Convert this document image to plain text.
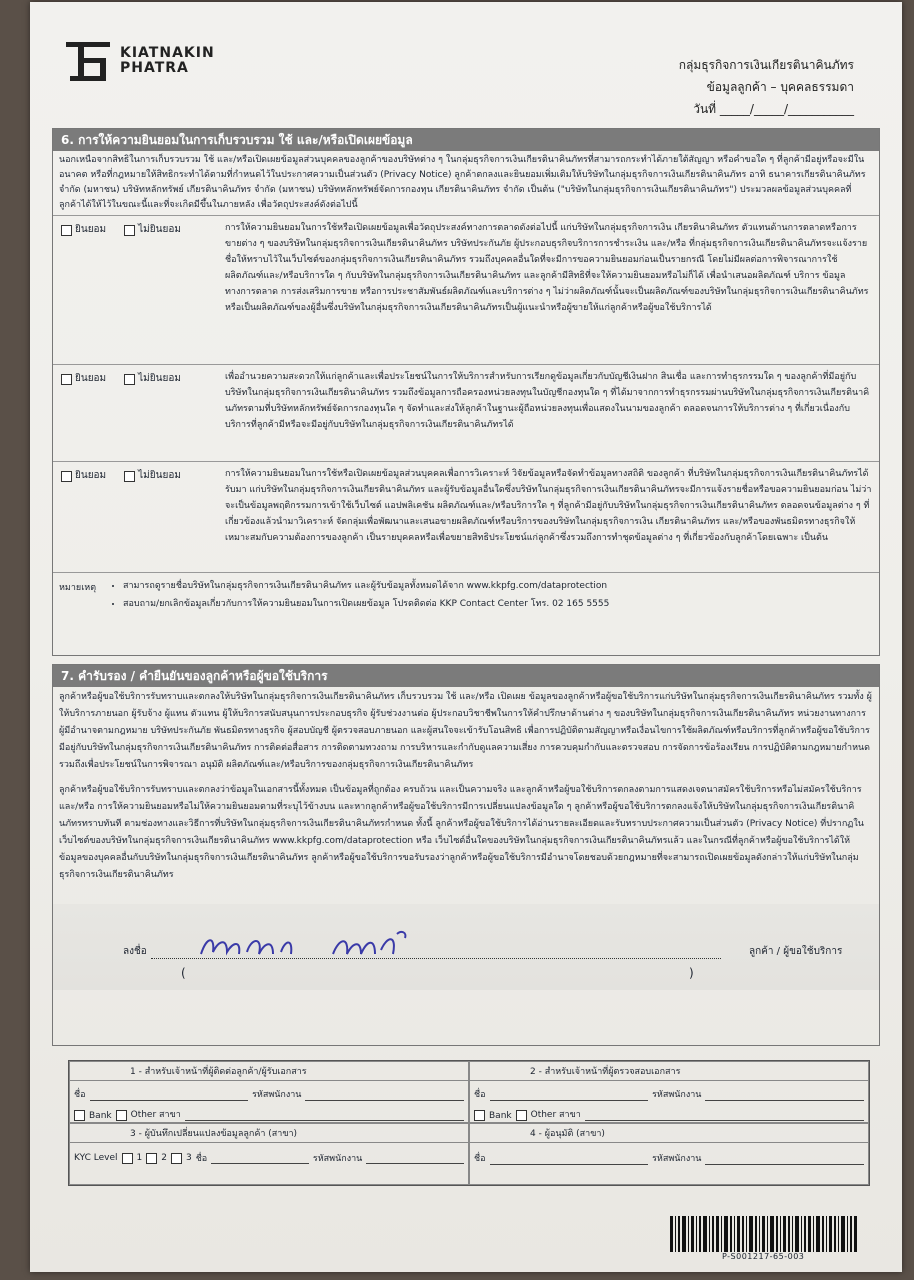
KIATNAKIN
PHATRA	กลุ่มธุรกิจการเงินเกียรตินาคินภัทร
ข้อมูลลูกค้า – บุคคลธรรมดา
วันที่ _____/_____/___________
6. การให้ความยินยอมในการเก็บรวบรวม ใช้ และ/หรือเปิดเผยข้อมูล
นอกเหนือจากสิทธิในการเก็บรวบรวม ใช้ และ/หรือเปิดเผยข้อมูลส่วนบุคคลของลูกค้าของบริษัทต่าง ๆ ในกลุ่มธุรกิจการเงินเกียรตินาคินภัทรที่สามารถกระทำได้ภายใต้สัญญา หรือคำขอใด ๆ ที่ลูกค้ามีอยู่หรือจะมีในอนาคต หรือที่กฎหมายให้สิทธิกระทำได้ตามที่กำหนดไว้ในประกาศความเป็นส่วนตัว (Privacy Notice) ลูกค้าตกลงและยินยอมเพิ่มเติมให้บริษัทในกลุ่มธุรกิจการเงินเกียรตินาคินภัทร อาทิ ธนาคารเกียรตินาคินภัทร จำกัด (มหาชน) บริษัทหลักทรัพย์ เกียรตินาคินภัทร จำกัด (มหาชน) บริษัทหลักทรัพย์จัดการกองทุน เกียรตินาคินภัทร จำกัด เป็นต้น ("บริษัทในกลุ่มธุรกิจการเงินเกียรตินาคินภัทร") ประมวลผลข้อมูลส่วนบุคคลที่ลูกค้าได้ให้ไว้ในขณะนี้และที่จะเกิดมีขึ้นในภายหลัง เพื่อวัตถุประสงค์ดังต่อไปนี้
ยินยอม	ไม่ยินยอม	การให้ความยินยอมในการใช้หรือเปิดเผยข้อมูลเพื่อวัตถุประสงค์ทางการตลาดดังต่อไปนี้ แก่บริษัทในกลุ่มธุรกิจการเงิน เกียรตินาคินภัทร ตัวแทนด้านการตลาดหรือการขายต่าง ๆ ของบริษัทในกลุ่มธุรกิจการเงินเกียรตินาคินภัทร บริษัทประกันภัย ผู้ประกอบธุรกิจบริการการชำระเงิน และ/หรือ ที่กลุ่มธุรกิจการเงินเกียรตินาคินภัทรจะแจ้งรายชื่อให้ทราบไว้ในเว็บไซต์ของกลุ่มธุรกิจการเงินเกียรตินาคินภัทร รวมถึงบุคคลอื่นใดที่จะมีการขอความยินยอมก่อนเป็นรายกรณี โดยไม่มีผลต่อการพิจารณาการใช้ผลิตภัณฑ์และ/หรือบริการใด ๆ กับบริษัทในกลุ่มธุรกิจการเงินเกียรตินาคินภัทร และลูกค้ามีสิทธิที่จะให้ความยินยอมหรือไม่ก็ได้ เพื่อนำเสนอผลิตภัณฑ์ บริการ ข้อมูลทางการตลาด การส่งเสริมการขาย หรือการประชาสัมพันธ์ผลิตภัณฑ์และบริการต่าง ๆ ไม่ว่าผลิตภัณฑ์นั้นจะเป็นผลิตภัณฑ์ของบริษัทในกลุ่มธุรกิจการเงินเกียรตินาคินภัทร หรือเป็นผลิตภัณฑ์ของผู้อื่นซึ่งบริษัทในกลุ่มธุรกิจการเงินเกียรตินาคินภัทรเป็นผู้แนะนำหรือผู้ขายให้แก่ลูกค้าหรือผู้ขอใช้บริการได้
ยินยอม	ไม่ยินยอม	เพื่ออำนวยความสะดวกให้แก่ลูกค้าและเพื่อประโยชน์ในการให้บริการสำหรับการเรียกดูข้อมูลเกี่ยวกับบัญชีเงินฝาก สินเชื่อ และการทำธุรกรรมใด ๆ ของลูกค้าที่มีอยู่กับบริษัทในกลุ่มธุรกิจการเงินเกียรตินาคินภัทร รวมถึงข้อมูลการถือครองหน่วยลงทุนในบัญชีกองทุนใด ๆ ที่ได้มาจากการทำธุรกรรมผ่านบริษัทในกลุ่มธุรกิจการเงินเกียรตินาคินภัทรตามที่บริษัทหลักทรัพย์จัดการกองทุนใด ๆ จัดทำและส่งให้ลูกค้าในฐานะผู้ถือหน่วยลงทุนเพื่อแสดงในนามของลูกค้า ตลอดจนการให้บริการต่าง ๆ ที่เกี่ยวเนื่องกับบริการที่ลูกค้ามีหรือจะมีอยู่กับบริษัทในกลุ่มธุรกิจการเงินเกียรตินาคินภัทรได้
ยินยอม	ไม่ยินยอม	การให้ความยินยอมในการใช้หรือเปิดเผยข้อมูลส่วนบุคคลเพื่อการวิเคราะห์ วิจัยข้อมูลหรือจัดทำข้อมูลทางสถิติ ของลูกค้า ที่บริษัทในกลุ่มธุรกิจการเงินเกียรตินาคินภัทรได้รับมา แก่บริษัทในกลุ่มธุรกิจการเงินเกียรตินาคินภัทร และผู้รับข้อมูลอื่นใดซึ่งบริษัทในกลุ่มธุรกิจการเงินเกียรตินาคินภัทรจะมีการแจ้งรายชื่อหรือขอความยินยอมก่อน ไม่ว่าจะเป็นข้อมูลพฤติกรรมการเข้าใช้เว็บไซต์ แอปพลิเคชัน ผลิตภัณฑ์และ/หรือบริการใด ๆ ที่ลูกค้ามีอยู่กับบริษัทในกลุ่มธุรกิจการเงินเกียรตินาคินภัทร ตลอดจนข้อมูลต่าง ๆ ที่เกี่ยวข้องแล้วนำมาวิเคราะห์ จัดกลุ่มเพื่อพัฒนาและเสนอขายผลิตภัณฑ์หรือบริการของบริษัทในกลุ่มธุรกิจการเงิน เกียรตินาคินภัทร และ/หรือของพันธมิตรทางธุรกิจให้เหมาะสมกับความต้องการของลูกค้า เป็นรายบุคคลหรือเพื่อขยายสิทธิประโยชน์แก่ลูกค้าซึ่งรวมถึงการทำชุดข้อมูลต่าง ๆ ที่เกี่ยวข้องกับลูกค้าโดยเฉพาะ เป็นต้น
หมายเหตุ
•	สามารถดูรายชื่อบริษัทในกลุ่มธุรกิจการเงินเกียรตินาคินภัทร และผู้รับข้อมูลทั้งหมดได้จาก www.kkpfg.com/dataprotection
• สอบถาม/ยกเลิกข้อมูลเกี่ยวกับการให้ความยินยอมในการเปิดเผยข้อมูล โปรดติดต่อ KKP Contact Center โทร. 02 165 5555
7. คำรับรอง / คำยืนยันของลูกค้าหรือผู้ขอใช้บริการ

ลูกค้าหรือผู้ขอใช้บริการรับทราบและตกลงให้บริษัทในกลุ่มธุรกิจการเงินเกียรตินาคินภัทร เก็บรวบรวม ใช้ และ/หรือ เปิดเผย ข้อมูลของลูกค้าหรือผู้ขอใช้บริการแก่บริษัทในกลุ่มธุรกิจการเงินเกียรตินาคินภัทร รวมทั้ง ผู้ให้บริการภายนอก ผู้รับจ้าง ผู้แทน ตัวแทน ผู้ให้บริการสนับสนุนการประกอบธุรกิจ ผู้รับช่วงงานต่อ ผู้ประกอบวิชาชีพในการให้คำปรึกษาด้านต่าง ๆ ของบริษัทในกลุ่มธุรกิจการเงินเกียรตินาคินภัทร หน่วยงานทางการ ผู้มีอำนาจตามกฎหมาย บริษัทประกันภัย พันธมิตรทางธุรกิจ ผู้สอบบัญชี ผู้ตรวจสอบภายนอก และผู้สนใจจะเข้ารับโอนสิทธิ เพื่อการปฏิบัติตามสัญญาหรือเงื่อนไขการใช้ผลิตภัณฑ์หรือบริการที่ลูกค้าหรือผู้ขอใช้บริการมีอยู่กับบริษัทในกลุ่มธุรกิจการเงินเกียรตินาคินภัทร การติดต่อสื่อสาร การติดตามทวงถาม การบริหารและกำกับดูแลความเสี่ยง การควบคุมกำกับและตรวจสอบ การจัดการข้อร้องเรียน การปฏิบัติตามกฎหมายกำหนด รวมถึงเพื่อประโยชน์ในการพิจารณา อนุมัติ ผลิตภัณฑ์และ/หรือบริการของกลุ่มธุรกิจการเงินเกียรตินาคินภัทร

ลูกค้าหรือผู้ขอใช้บริการรับทราบและตกลงว่าข้อมูลในเอกสารนี้ทั้งหมด เป็นข้อมูลที่ถูกต้อง ครบถ้วน และเป็นความจริง และลูกค้าหรือผู้ขอใช้บริการตกลงตามการแสดงเจตนาสมัครใช้บริการหรือไม่สมัครใช้บริการ และ/หรือ การให้ความยินยอมหรือไม่ให้ความยินยอมตามที่ระบุไว้ข้างบน และหากลูกค้าหรือผู้ขอใช้บริการมีการเปลี่ยนแปลงข้อมูลใด ๆ ลูกค้าหรือผู้ขอใช้บริการตกลงแจ้งให้บริษัทในกลุ่มธุรกิจการเงินเกียรตินาคินภัทรทราบทันที ตามช่องทางและวิธีการที่บริษัทในกลุ่มธุรกิจการเงินเกียรตินาคินภัทรกำหนด ทั้งนี้ ลูกค้าหรือผู้ขอใช้บริการได้อ่านรายละเอียดและรับทราบประกาศความเป็นส่วนตัว (Privacy Notice) ที่ปรากฏในเว็บไซต์ของบริษัทในกลุ่มธุรกิจการเงินเกียรตินาคินภัทร www.kkpfg.com/dataprotection หรือ เว็บไซต์อื่นใดของบริษัทในกลุ่มธุรกิจการเงินเกียรตินาคินภัทรแล้ว และในกรณีที่ลูกค้าหรือผู้ขอใช้บริการได้ให้ข้อมูลของบุคคลอื่นกับบริษัทในกลุ่มธุรกิจการเงินเกียรตินาคินภัทร ลูกค้าหรือผู้ขอใช้บริการขอรับรองว่าลูกค้าหรือผู้ขอใช้บริการมีอำนาจโดยชอบด้วยกฎหมายที่จะสามารถเปิดเผยข้อมูลดังกล่าวให้แก่บริษัทในกลุ่มธุรกิจการเงินเกียรตินาคินภัทร

ลงชื่อ	ลูกค้า / ผู้ขอใช้บริการ
(	)
1 - สำหรับเจ้าหน้าที่ผู้ติดต่อลูกค้า/ผู้รับเอกสาร
ชื่อ	รหัสพนักงาน
Bank Other สาขา
2 - สำหรับเจ้าหน้าที่ผู้ตรวจสอบเอกสาร
ชื่อ	รหัสพนักงาน
Bank Other สาขา
3 - ผู้บันทึกเปลี่ยนแปลงข้อมูลลูกค้า (สาขา)
KYC Level 1 2 3 ชื่อ	รหัสพนักงาน
4 - ผู้อนุมัติ (สาขา)
ชื่อ	รหัสพนักงาน
P-S001217-65-003
